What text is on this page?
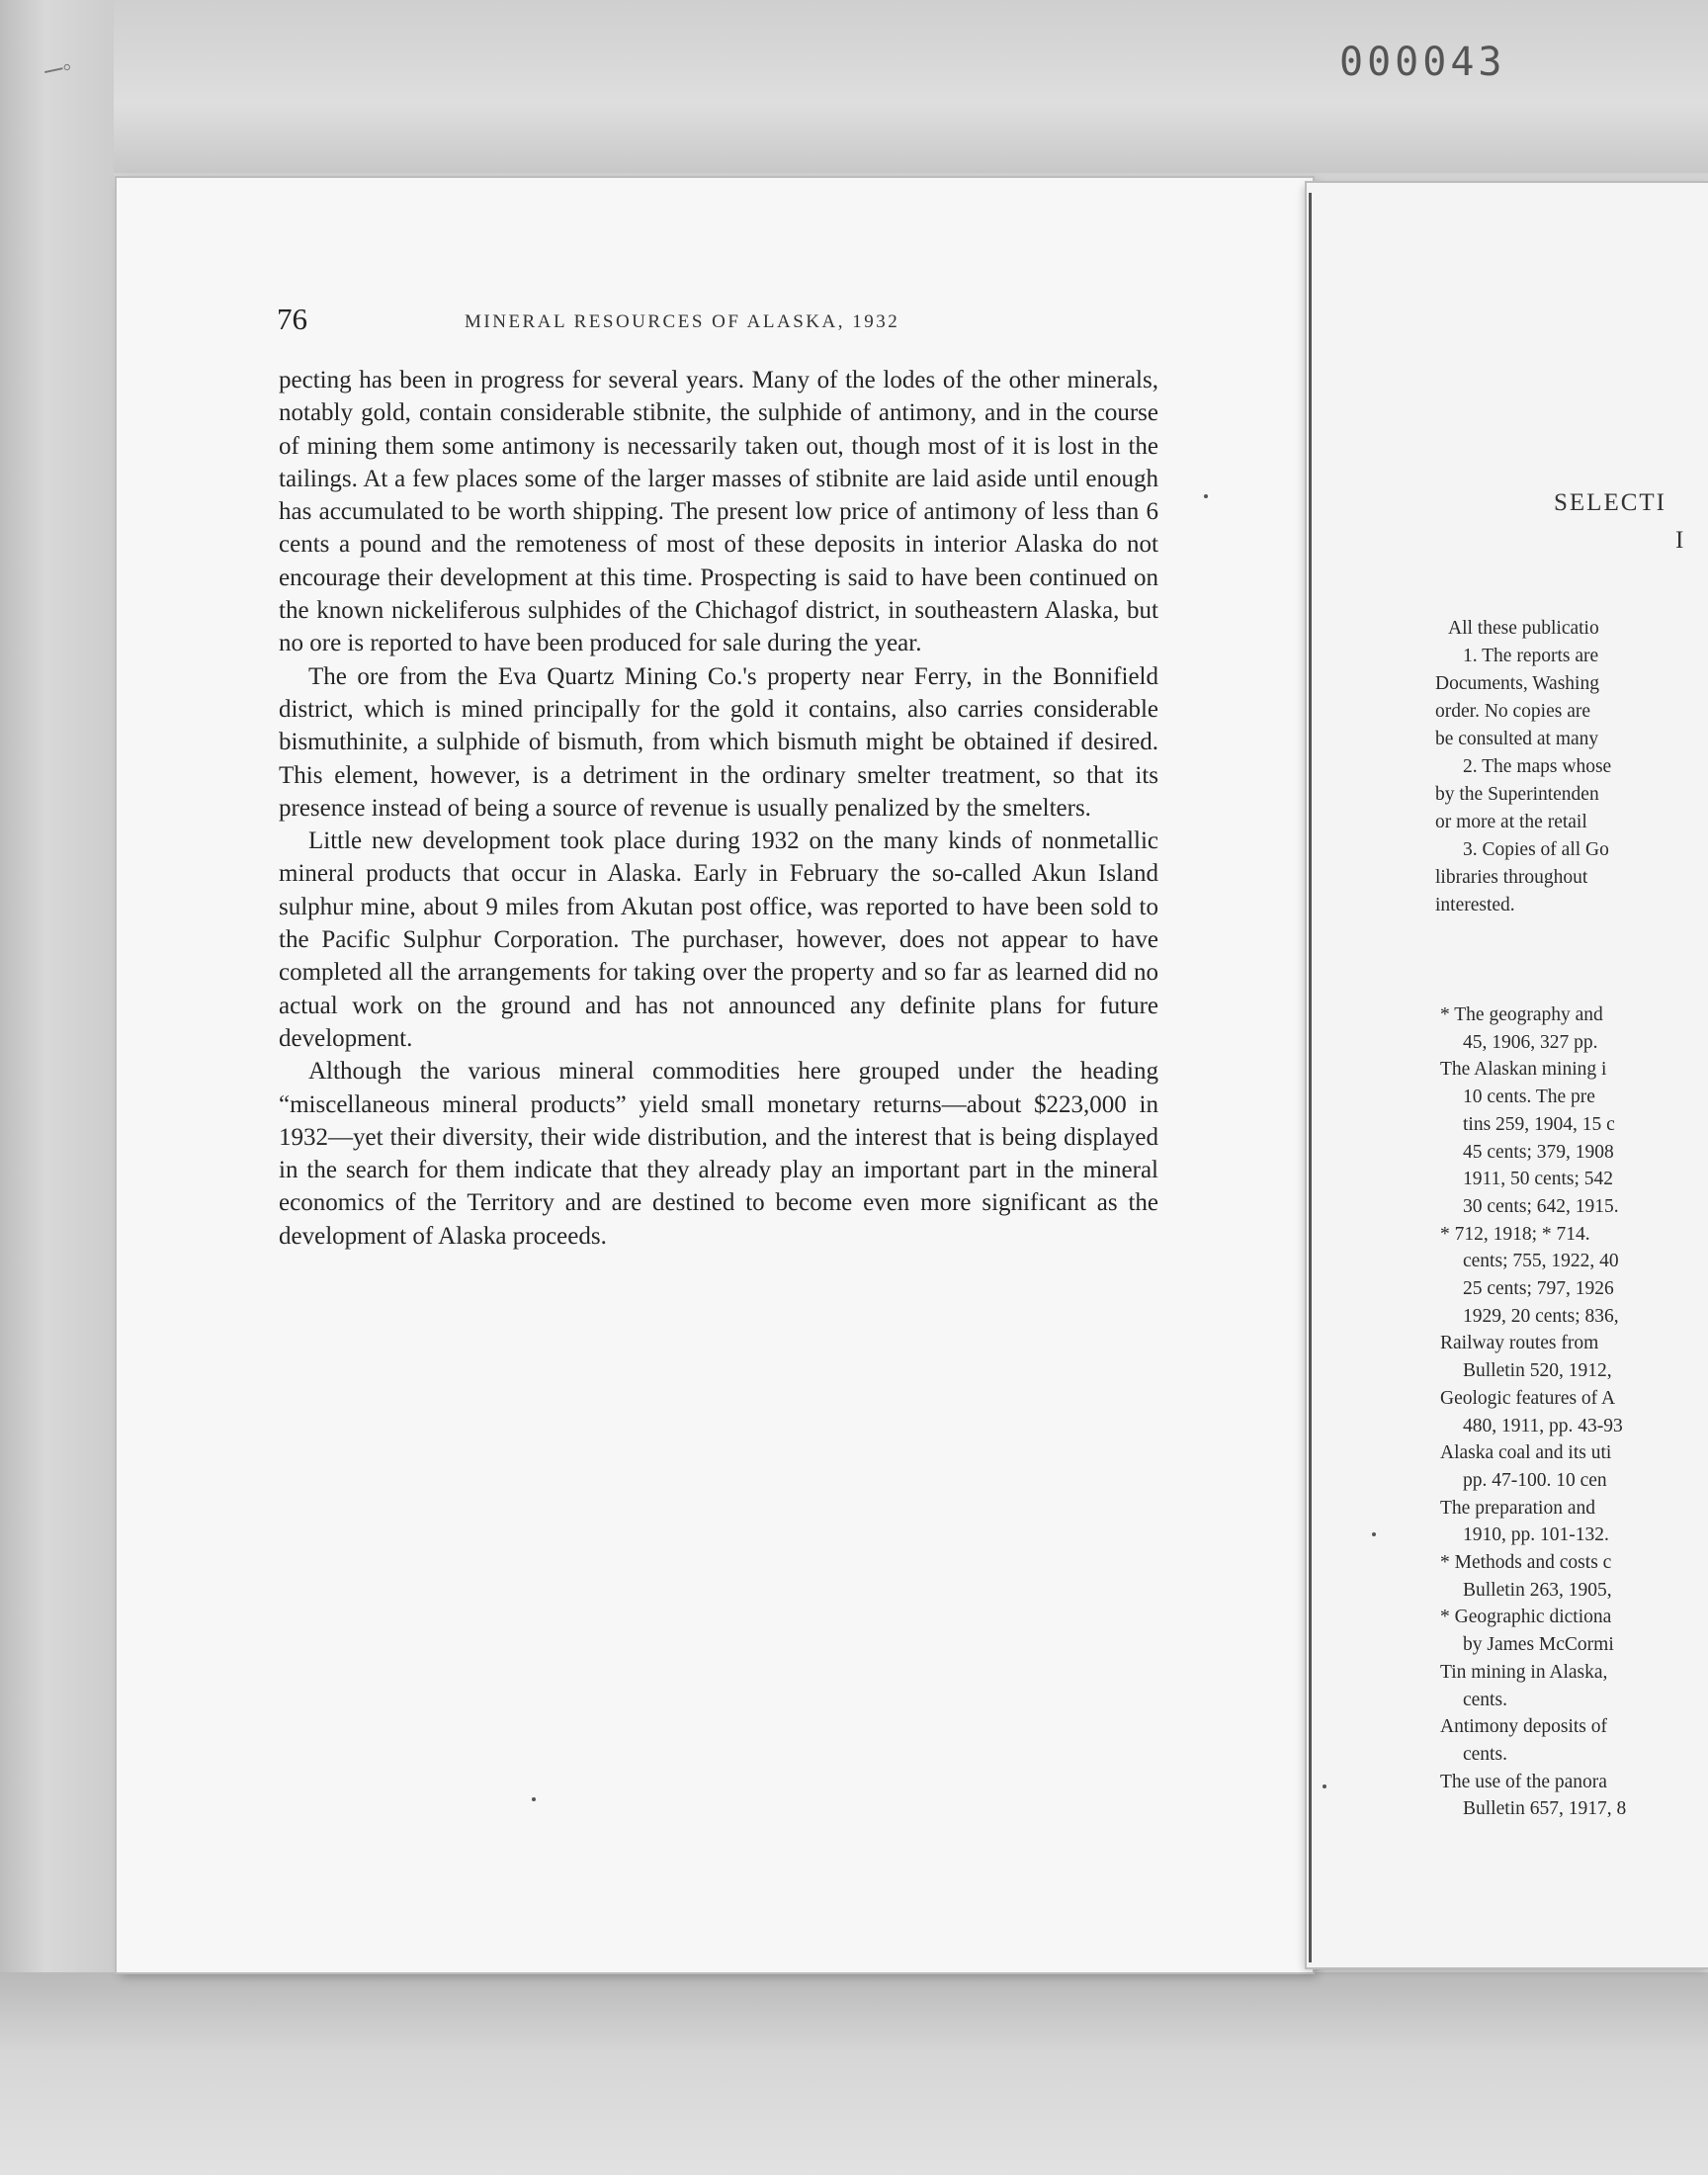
─◦	000043
76	MINERAL RESOURCES OF ALASKA, 1932

pecting has been in progress for several years. Many of the lodes of the other minerals, notably gold, contain considerable stibnite, the sulphide of antimony, and in the course of mining them some antimony is necessarily taken out, though most of it is lost in the tailings. At a few places some of the larger masses of stibnite are laid aside until enough has accumulated to be worth shipping. The present low price of antimony of less than 6 cents a pound and the remoteness of most of these deposits in interior Alaska do not encourage their development at this time. Prospecting is said to have been continued on the known nickeliferous sulphides of the Chichagof district, in southeastern Alaska, but no ore is reported to have been produced for sale during the year.

The ore from the Eva Quartz Mining Co.'s property near Ferry, in the Bonnifield district, which is mined principally for the gold it contains, also carries considerable bismuthinite, a sulphide of bismuth, from which bismuth might be obtained if desired. This element, however, is a detriment in the ordinary smelter treatment, so that its presence instead of being a source of revenue is usually penalized by the smelters.

Little new development took place during 1932 on the many kinds of nonmetallic mineral products that occur in Alaska. Early in February the so-called Akun Island sulphur mine, about 9 miles from Akutan post office, was reported to have been sold to the Pacific Sulphur Corporation. The purchaser, however, does not appear to have completed all the arrangements for taking over the property and so far as learned did no actual work on the ground and has not announced any definite plans for future development.

Although the various mineral commodities here grouped under the heading “miscellaneous mineral products” yield small monetary returns—about $223,000 in 1932—yet their diversity, their wide distribution, and the interest that is being displayed in the search for them indicate that they already play an important part in the mineral economics of the Territory and are destined to become even more significant as the development of Alaska proceeds.

SELECTI
I
All these publicatio
1. The reports are
Documents, Washing
order. No copies are
be consulted at many
2. The maps whose
by the Superintenden
or more at the retail
3. Copies of all Go
libraries throughout
interested.
* The geography and
45, 1906, 327 pp.
The Alaskan mining i
10 cents. The pre
tins 259, 1904, 15 c
45 cents; 379, 1908
1911, 50 cents; 542
30 cents; 642, 1915.
* 712, 1918; * 714.
cents; 755, 1922, 40
25 cents; 797, 1926
1929, 20 cents; 836,
Railway routes from
Bulletin 520, 1912,
Geologic features of A
480, 1911, pp. 43-93
Alaska coal and its uti
pp. 47-100. 10 cen
The preparation and
1910, pp. 101-132.
* Methods and costs c
Bulletin 263, 1905,
* Geographic dictiona
by James McCormi
Tin mining in Alaska,
cents.
Antimony deposits of
cents.
The use of the panora
Bulletin 657, 1917, 8
